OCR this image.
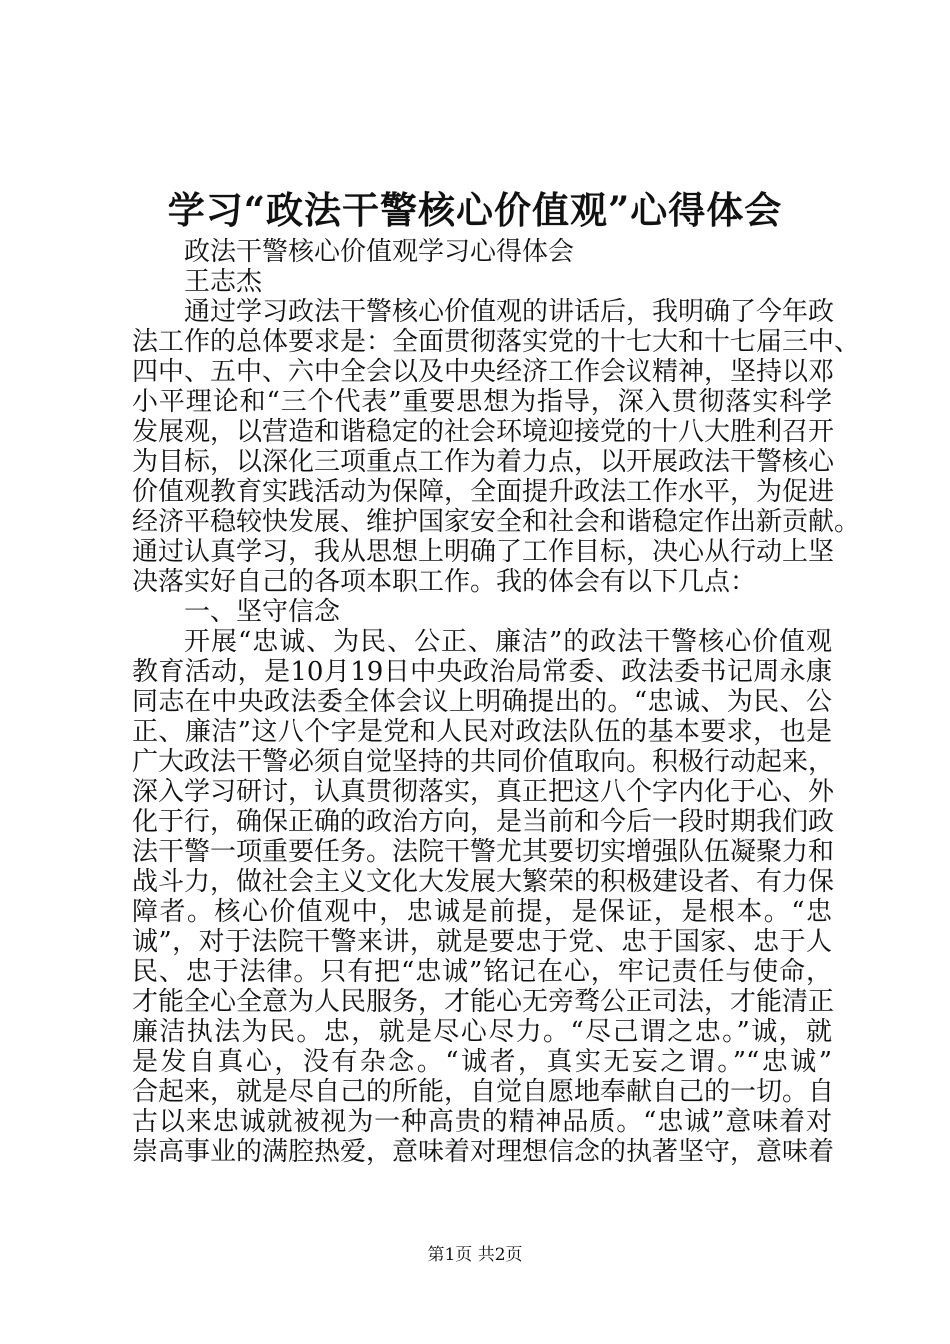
学习“政法干警核心价值观”心得体会
政法干警核心价值观学习心得体会
王志杰
通过学习政法干警核心价值观的讲话后，我明确了今年政
法工作的总体要求是：全面贯彻落实党的十七大和十七届三中、
四中、五中、六中全会以及中央经济工作会议精神，坚持以邓
小平理论和“三个代表”重要思想为指导，深入贯彻落实科学
发展观，以营造和谐稳定的社会环境迎接党的十八大胜利召开
为目标，以深化三项重点工作为着力点，以开展政法干警核心
价值观教育实践活动为保障，全面提升政法工作水平，为促进
经济平稳较快发展、维护国家安全和社会和谐稳定作出新贡献。
通过认真学习，我从思想上明确了工作目标，决心从行动上坚
决落实好自己的各项本职工作。我的体会有以下几点：
一、坚守信念
开展“忠诚、为民、公正、廉洁”的政法干警核心价值观
教育活动，是10月19日中央政治局常委、政法委书记周永康
同志在中央政法委全体会议上明确提出的。“忠诚、为民、公
正、廉洁”这八个字是党和人民对政法队伍的基本要求，也是
广大政法干警必须自觉坚持的共同价值取向。积极行动起来，
深入学习研讨，认真贯彻落实，真正把这八个字内化于心、外
化于行，确保正确的政治方向，是当前和今后一段时期我们政
法干警一项重要任务。法院干警尤其要切实增强队伍凝聚力和
战斗力，做社会主义文化大发展大繁荣的积极建设者、有力保
障者。核心价值观中，忠诚是前提，是保证，是根本。“忠
诚”，对于法院干警来讲，就是要忠于党、忠于国家、忠于人
民、忠于法律。只有把“忠诚”铭记在心，牢记责任与使命，
才能全心全意为人民服务，才能心无旁骛公正司法，才能清正
廉洁执法为民。忠，就是尽心尽力。“尽己谓之忠。”诚，就
是发自真心，没有杂念。“诚者，真实无妄之谓。”“忠诚”
合起来，就是尽自己的所能，自觉自愿地奉献自己的一切。自
古以来忠诚就被视为一种高贵的精神品质。“忠诚”意味着对
崇高事业的满腔热爱，意味着对理想信念的执著坚守，意味着
第1页 共2页
